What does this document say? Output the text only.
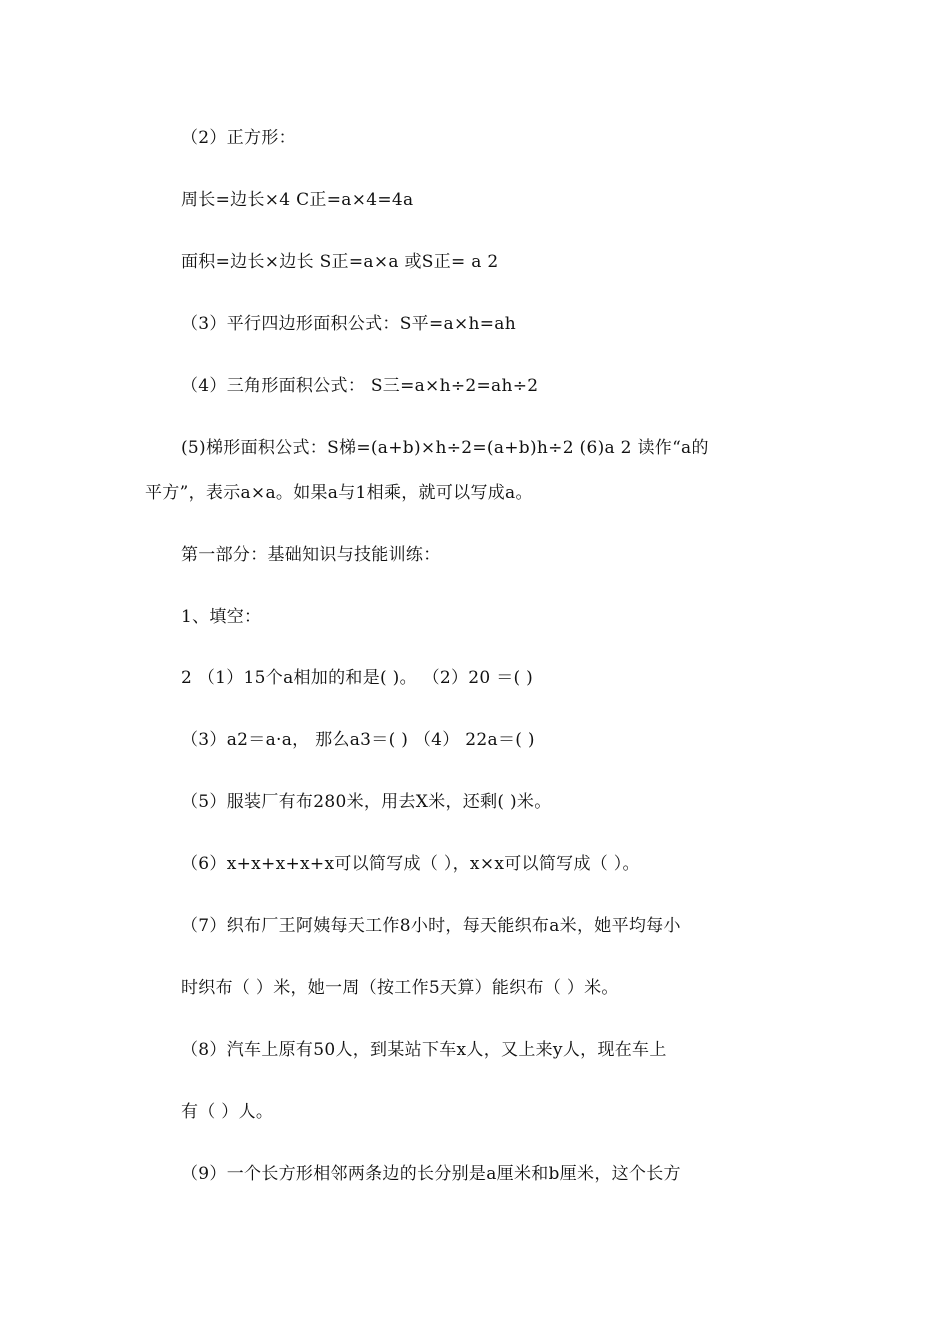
（2）正方形：
周长=边长×4 C正=a×4=4a
面积=边长×边长 S正=a×a 或S正= a 2
（3）平行四边形面积公式：S平=a×h=ah
（4）三角形面积公式： S三=a×h÷2=ah÷2
(5)梯形面积公式：S梯=(a+b)×h÷2=(a+b)h÷2 (6)a 2 读作“a的
平方”，表示a×a。如果a与1相乘，就可以写成a。
第一部分：基础知识与技能训练：
1、填空：
2 （1）15个a相加的和是( )。 （2）20 ＝( )
（3）a2＝a·a， 那么a3＝( ) （4） 22a＝( )
（5）服装厂有布280米，用去X米，还剩( )米。
（6）x+x+x+x+x可以简写成（ ），x×x可以简写成（ ）。
（7）织布厂王阿姨每天工作8小时，每天能织布a米，她平均每小
时织布（ ）米，她一周（按工作5天算）能织布（ ）米。
（8）汽车上原有50人，到某站下车x人，又上来y人，现在车上
有（ ）人。
（9）一个长方形相邻两条边的长分别是a厘米和b厘米，这个长方
